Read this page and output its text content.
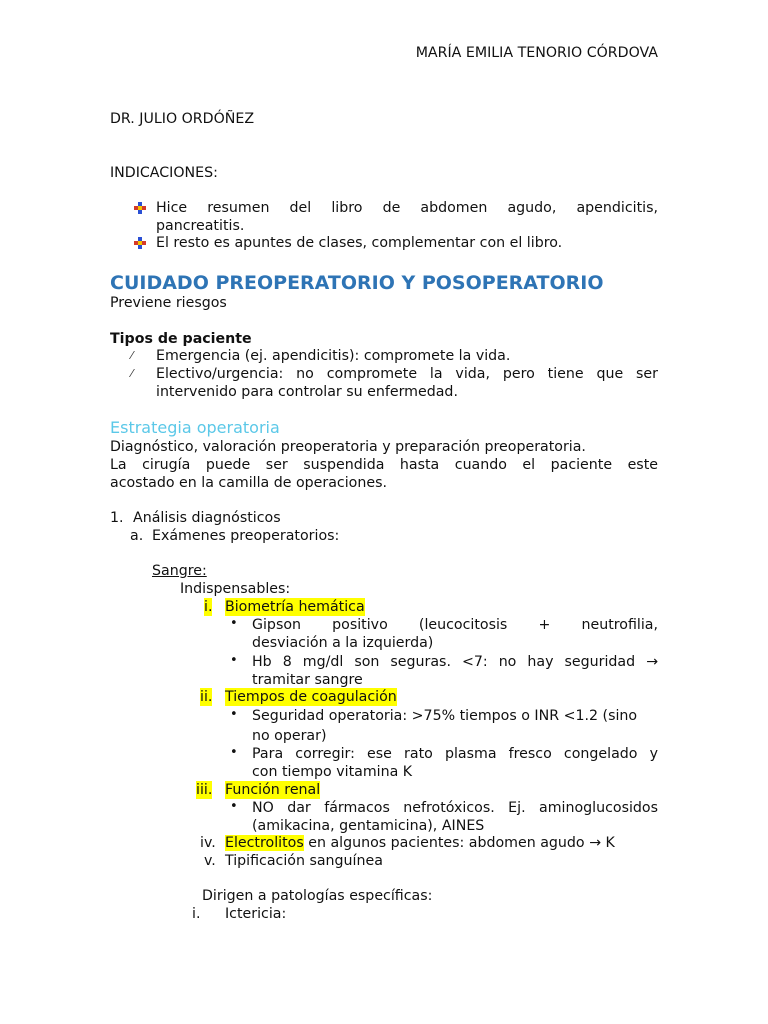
MARÍA EMILIA TENORIO CÓRDOVA
DR. JULIO ORDÓÑEZ
INDICACIONES:
Hice resumen del libro de abdomen agudo, apendicitis,
pancreatitis.
El resto es apuntes de clases, complementar con el libro.
CUIDADO PREOPERATORIO Y POSOPERATORIO
Previene riesgos
Tipos de paciente
⁄ Emergencia (ej. apendicitis): compromete la vida.
⁄ Electivo/urgencia: no compromete la vida, pero tiene que ser
intervenido para controlar su enfermedad.
Estrategia operatoria
Diagnóstico, valoración preoperatoria y preparación preoperatoria.
La cirugía puede ser suspendida hasta cuando el paciente este
acostado en la camilla de operaciones.
1. Análisis diagnósticos
a. Exámenes preoperatorios:
Sangre:
Indispensables:
i. Biometría hemática
• Gipson positivo (leucocitosis + neutrofilia,
desviación a la izquierda)
• Hb 8 mg/dl son seguras. <7: no hay seguridad →
tramitar sangre
ii. Tiempos de coagulación
• Seguridad operatoria: >75% tiempos o INR <1.2 (sino
no operar)
• Para corregir: ese rato plasma fresco congelado y
con tiempo vitamina K
iii. Función renal
• NO dar fármacos nefrotóxicos. Ej. aminoglucosidos
(amikacina, gentamicina), AINES
iv. Electrolitos en algunos pacientes: abdomen agudo → K
v. Tipificación sanguínea
Dirigen a patologías específicas:
i. Ictericia:
